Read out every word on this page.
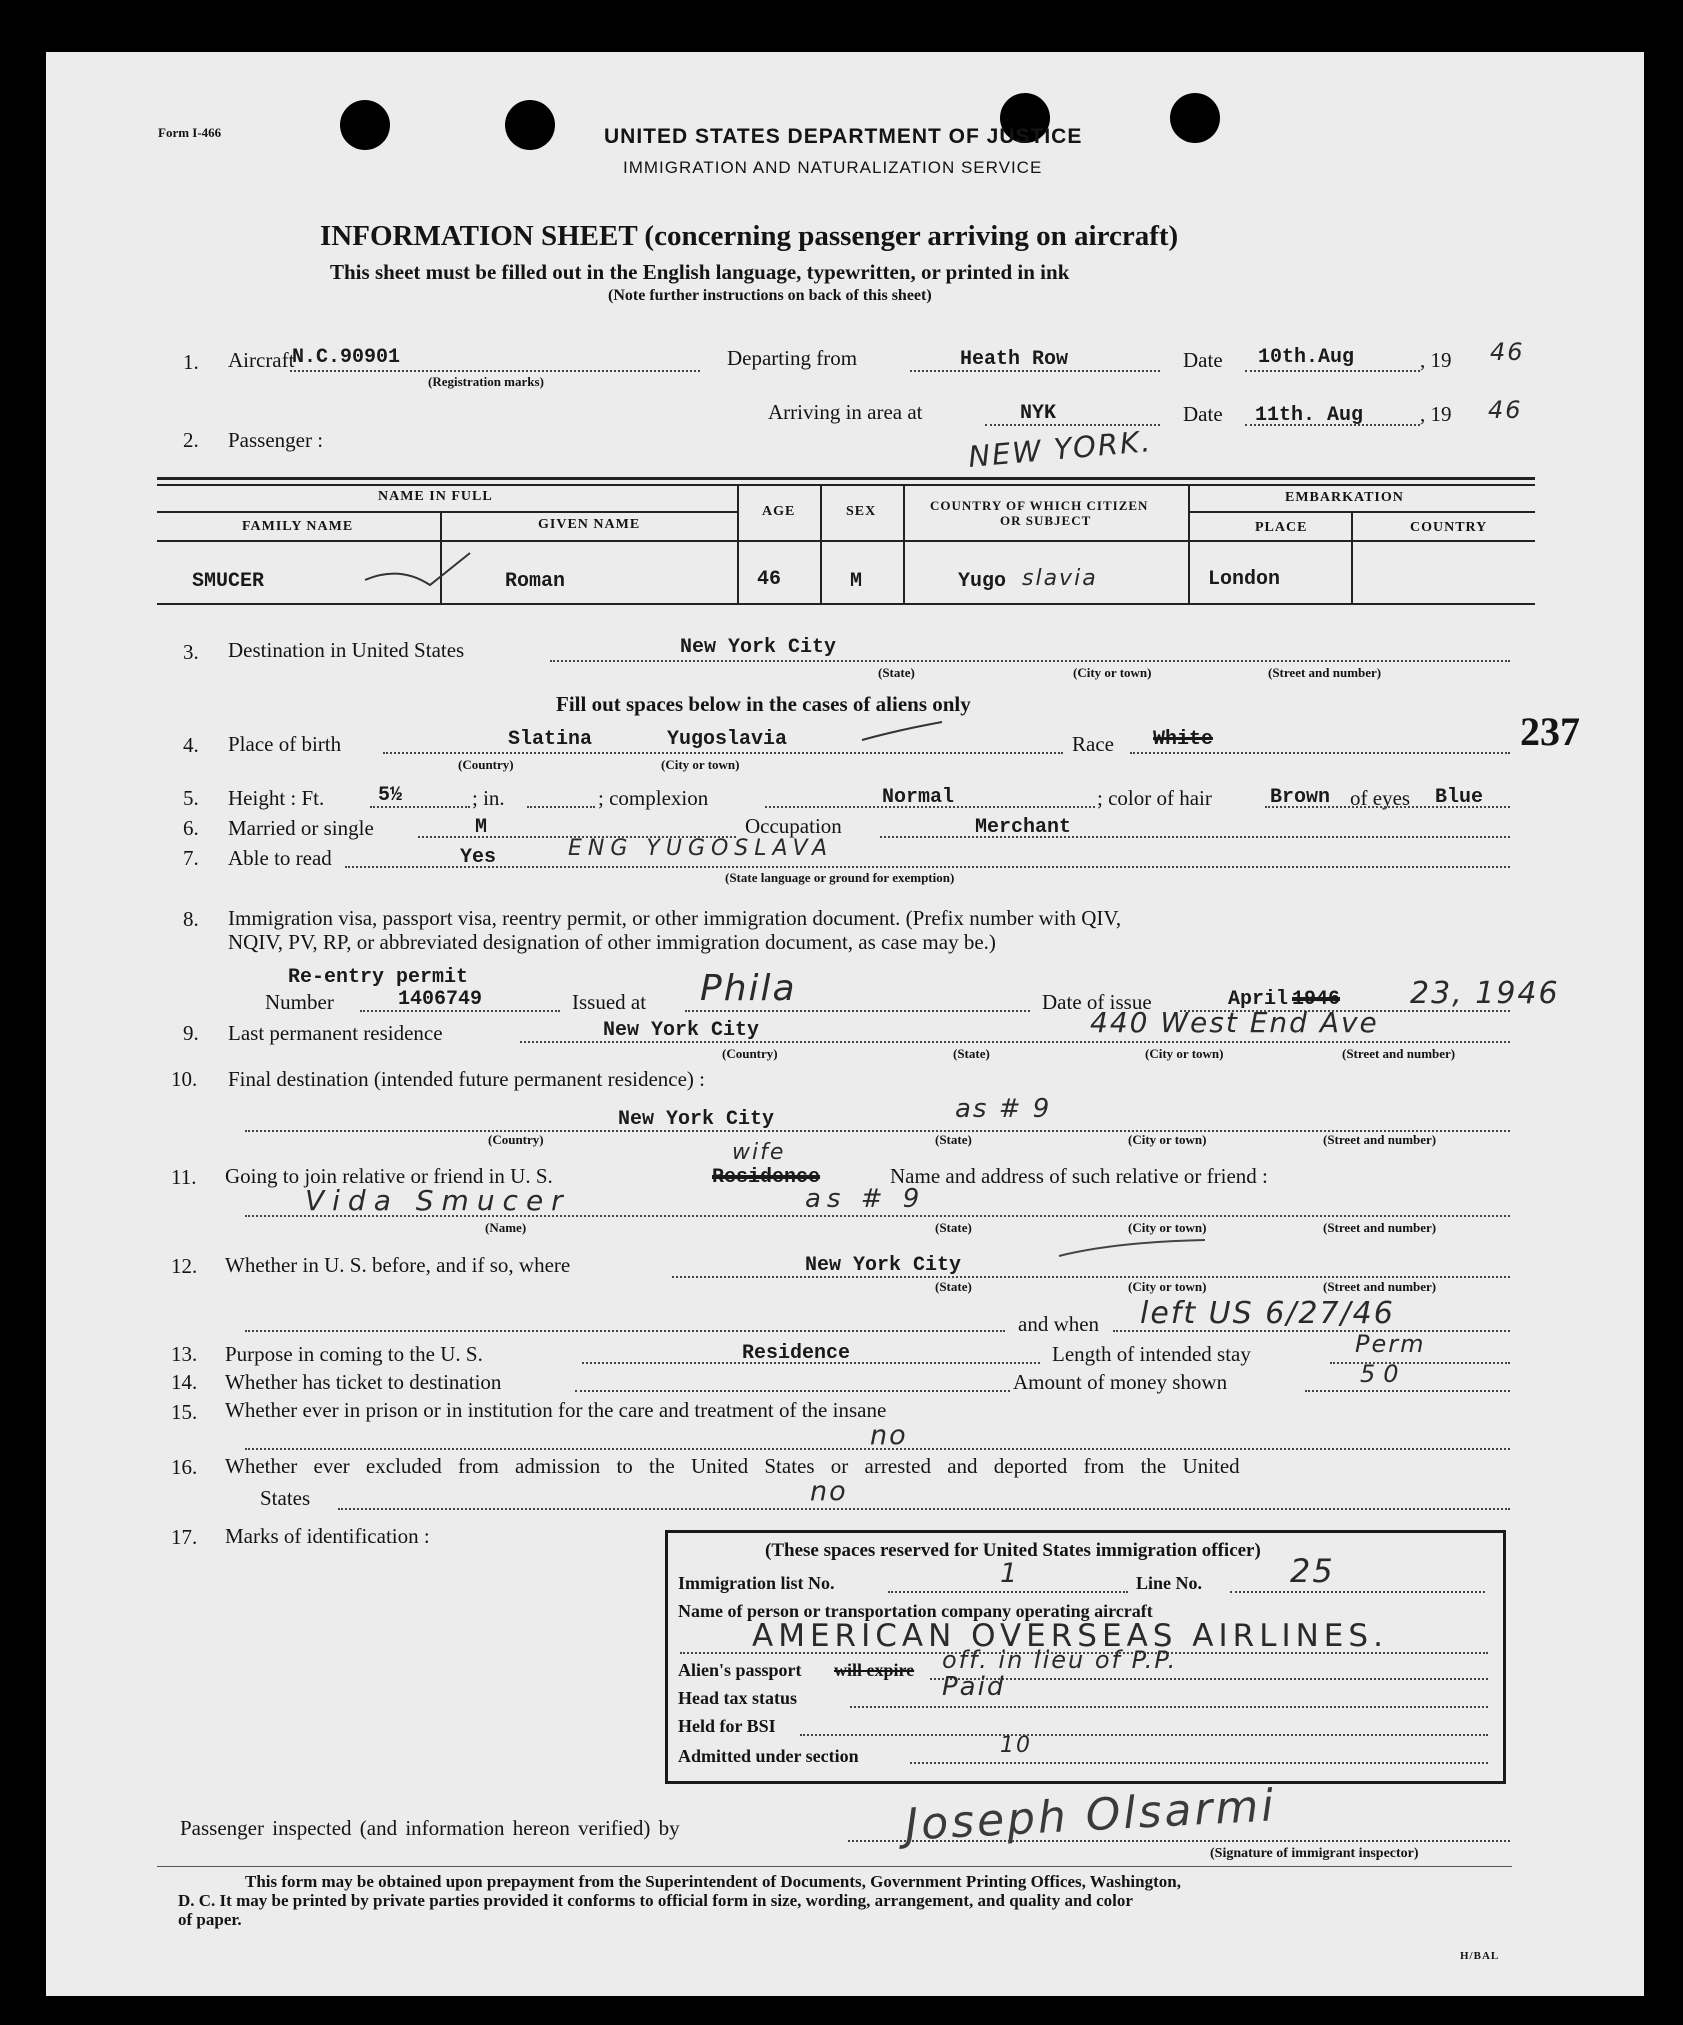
Form I-466	UNITED STATES DEPARTMENT OF JUSTICE
IMMIGRATION AND NATURALIZATION SERVICE
INFORMATION SHEET (concerning passenger arriving on aircraft)
This sheet must be filled out in the English language, typewritten, or printed in ink
(Note further instructions on back of this sheet)
1.
2.
3.
4.
5.
6.
7.
8.
9.
10.
11.
12.
13.
14.
15.
16.
17.
Aircraft
N.C.90901
(Registration marks)
Departing from	Heath Row	Date 10th.Aug	, 19 46
Arriving in area at	NYK	Date 11th. Aug	, 19 46
Passenger :	NEW YORK.
NAME IN FULL
FAMILY NAME	GIVEN NAME
AGE	SEX	COUNTRY OF WHICH CITIZEN
OR SUBJECT
EMBARKATION
PLACE	COUNTRY
SMUCER	Roman	46	M	Yugo slavia	London
Destination in United States	New York City
(State)	(City or town)	(Street and number)
Fill out spaces below in the cases of aliens only
Place of birth	Slatina	Yugoslavia
(Country)	(City or town)
Race White	237
Height : Ft.	5½	; in.	; complexion	Normal	; color of hair	Brown of eyes Blue
Married or single	M	Occupation	Merchant
Able to read	Yes	ENG YUGOSLAVA
(State language or ground for exemption)
Immigration visa, passport visa, reentry permit, or other immigration document. (Prefix number with QIV,
NQIV, PV, RP, or abbreviated designation of other immigration document, as case may be.)
Re-entry permit
Number	1406749	Issued at Phila	Date of issue	April 1946 23, 1946
Last permanent residence	New York City	440 West End Ave
(Country)	(State)	(City or town)	(Street and number)
Final destination (intended future permanent residence) :
New York City	as # 9
(Country)	(State)	(City or town)	(Street and number)
Going to join relative or friend in U. S.
wife
Residence	Name and address of such relative or friend :
Vida Smucer	as # 9
(Name)	(State)	(City or town)	(Street and number)
Whether in U. S. before, and if so, where	New York City
(State)	(City or town)	(Street and number)
and when left US 6/27/46
Purpose in coming to the U. S.	Residence	Length of intended stay	Perm
Whether has ticket to destination	Amount of money shown	50
Whether ever in prison or in institution for the care and treatment of the insane
no
Whether ever excluded from admission to the United States or arrested and deported from the United
States	no
Marks of identification :
(These spaces reserved for United States immigration officer)
Immigration list No.	1	Line No.	25
Name of person or transportation company operating aircraft
AMERICAN OVERSEAS AIRLINES.
Alien's passport will expire off. in lieu of P.P.
Head tax status	Paid
Held for BSI
Admitted under section	10
Passenger inspected (and information hereon verified) by	Joseph Olsarmi
(Signature of immigrant inspector)
This form may be obtained upon prepayment from the Superintendent of Documents, Government Printing Offices, Washington,
D. C. It may be printed by private parties provided it conforms to official form in size, wording, arrangement, and quality and color
of paper.
H/BAL
